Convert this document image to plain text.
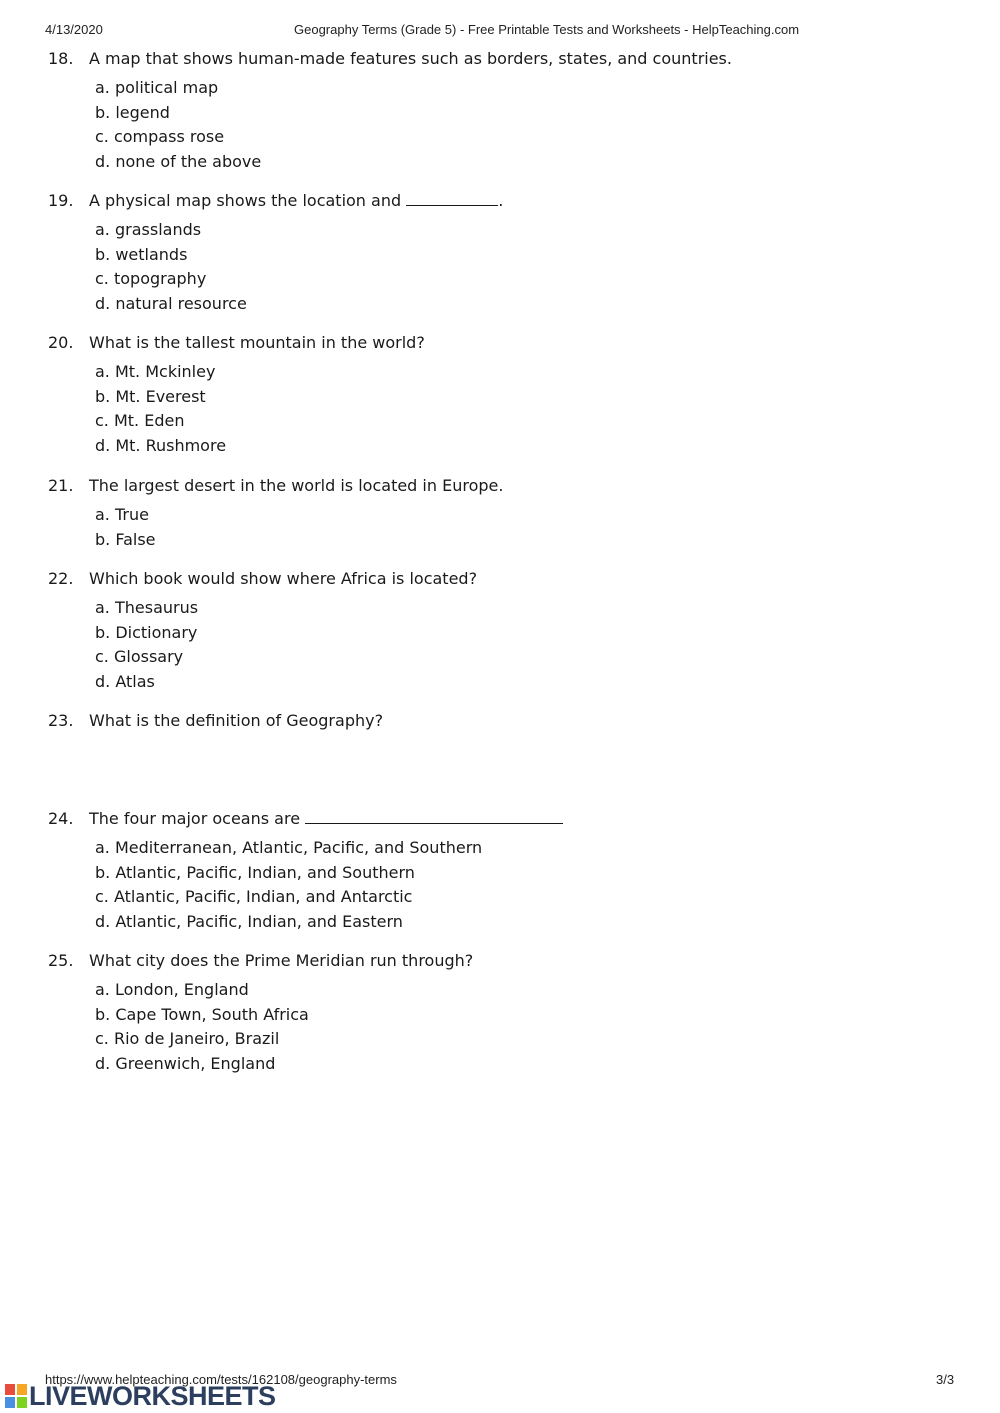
4/13/2020	Geography Terms (Grade 5) - Free Printable Tests and Worksheets - HelpTeaching.com
18. A map that shows human-made features such as borders, states, and countries.
a. political map
b. legend
c. compass rose
d. none of the above
19. A physical map shows the location and	.
a. grasslands
b. wetlands
c. topography
d. natural resource
20. What is the tallest mountain in the world?
a. Mt. Mckinley
b. Mt. Everest
c. Mt. Eden
d. Mt. Rushmore
21. The largest desert in the world is located in Europe.
a. True
b. False
22. Which book would show where Africa is located?
a. Thesaurus
b. Dictionary
c. Glossary
d. Atlas
23. What is the definition of Geography?
24. The four major oceans are
a. Mediterranean, Atlantic, Pacific, and Southern
b. Atlantic, Pacific, Indian, and Southern
c. Atlantic, Pacific, Indian, and Antarctic
d. Atlantic, Pacific, Indian, and Eastern
25. What city does the Prime Meridian run through?
a. London, England
b. Cape Town, South Africa
c. Rio de Janeiro, Brazil
d. Greenwich, England
https://www.helpteaching.com/tests/162108/geography-terms	3/3
LIVEWORKSHEETS
